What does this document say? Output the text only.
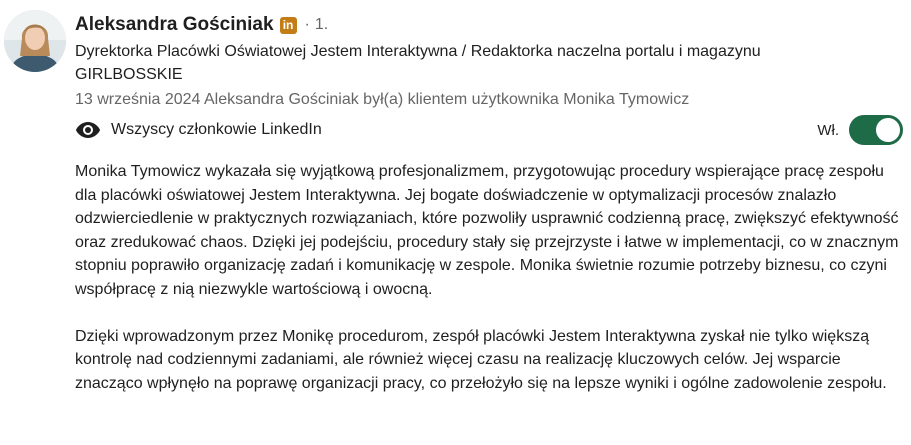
Aleksandra Gościniak in · 1.
Dyrektorka Placówki Oświatowej Jestem Interaktywna / Redaktorka naczelna portalu i magazynu GIRLBOSSKIE
13 września 2024 Aleksandra Gościniak był(a) klientem użytkownika Monika Tymowicz
Wszyscy członkowie LinkedIn	Wł.

Monika Tymowicz wykazała się wyjątkową profesjonalizmem, przygotowując procedury wspierające pracę zespołu dla placówki oświatowej Jestem Interaktywna. Jej bogate doświadczenie w optymalizacji procesów znalazło odzwierciedlenie w praktycznych rozwiązaniach, które pozwoliły usprawnić codzienną pracę, zwiększyć efektywność oraz zredukować chaos. Dzięki jej podejściu, procedury stały się przejrzyste i łatwe w implementacji, co w znacznym stopniu poprawiło organizację zadań i komunikację w zespole. Monika świetnie rozumie potrzeby biznesu, co czyni współpracę z nią niezwykle wartościową i owocną.

Dzięki wprowadzonym przez Monikę procedurom, zespół placówki Jestem Interaktywna zyskał nie tylko większą kontrolę nad codziennymi zadaniami, ale również więcej czasu na realizację kluczowych celów. Jej wsparcie znacząco wpłynęło na poprawę organizacji pracy, co przełożyło się na lepsze wyniki i ogólne zadowolenie zespołu.
